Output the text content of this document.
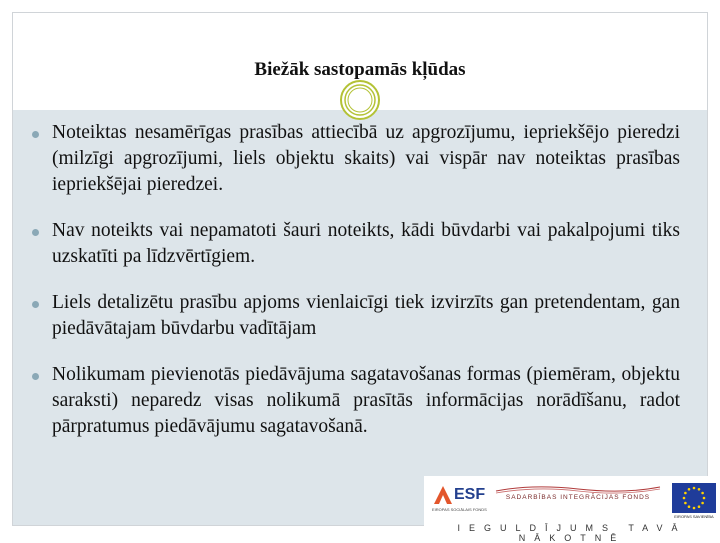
Biežāk sastopamās kļūdas
Noteiktas nesamērīgas prasības attiecībā uz apgrozījumu, iepriekšējo pieredzi (milzīgi apgrozījumi, liels objektu skaits) vai vispār nav noteiktas prasības iepriekšējai pieredzei.
Nav noteikts vai nepamatoti šauri noteikts, kādi būvdarbi vai pakalpojumi tiks uzskatīti pa līdzvērtīgiem.
Liels detalizētu prasību apjoms vienlaicīgi tiek izvirzīts gan pretendentam, gan piedāvātajam būvdarbu vadītājam
Nolikumam pievienotās piedāvājuma sagatavošanas formas (piemēram, objektu saraksti) neparedz visas nolikumā prasītās informācijas norādīšanu, radot pārpratumus piedāvājumu sagatavošanā.
ESF
EIROPAS SOCIĀLAIS FONDS
SADARBĪBAS INTEGRĀCIJAS FONDS
EIROPAS SAVIENĪBA
IEGULDĪJUMS TAVĀ NĀKOTNĒ
